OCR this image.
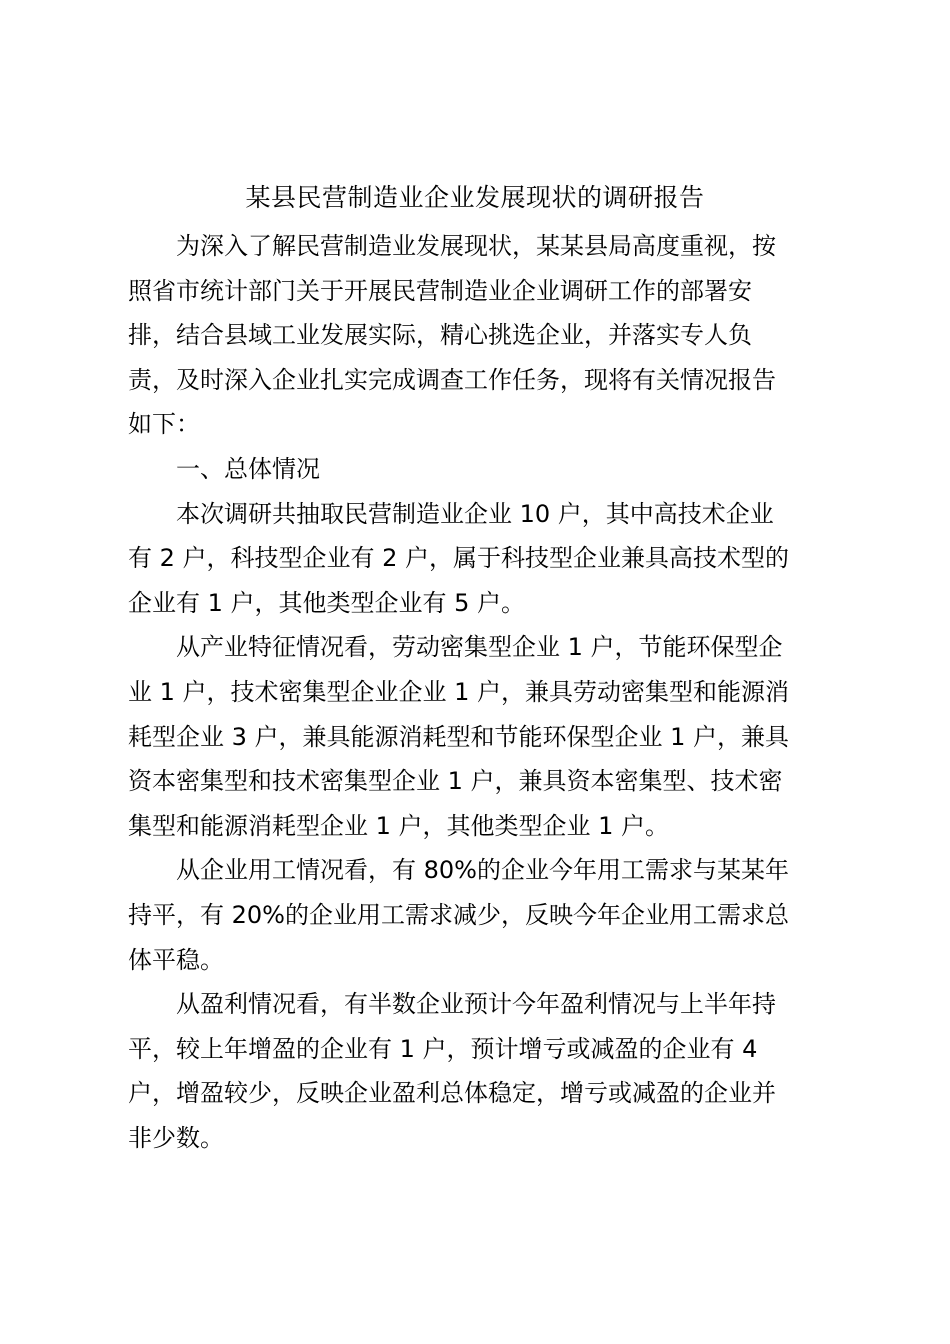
某县民营制造业企业发展现状的调研报告
为深入了解民营制造业发展现状，某某县局高度重视，按
照省市统计部门关于开展民营制造业企业调研工作的部署安
排，结合县域工业发展实际，精心挑选企业，并落实专人负
责，及时深入企业扎实完成调查工作任务，现将有关情况报告
如下：
一、总体情况
本次调研共抽取民营制造业企业 10 户，其中高技术企业
有 2 户，科技型企业有 2 户，属于科技型企业兼具高技术型的
企业有 1 户，其他类型企业有 5 户。
从产业特征情况看，劳动密集型企业 1 户，节能环保型企
业 1 户，技术密集型企业企业 1 户，兼具劳动密集型和能源消
耗型企业 3 户，兼具能源消耗型和节能环保型企业 1 户，兼具
资本密集型和技术密集型企业 1 户，兼具资本密集型、技术密
集型和能源消耗型企业 1 户，其他类型企业 1 户。
从企业用工情况看，有 80%的企业今年用工需求与某某年
持平，有 20%的企业用工需求减少，反映今年企业用工需求总
体平稳。
从盈利情况看，有半数企业预计今年盈利情况与上半年持
平，较上年增盈的企业有 1 户，预计增亏或减盈的企业有 4
户，增盈较少，反映企业盈利总体稳定，增亏或减盈的企业并
非少数。
